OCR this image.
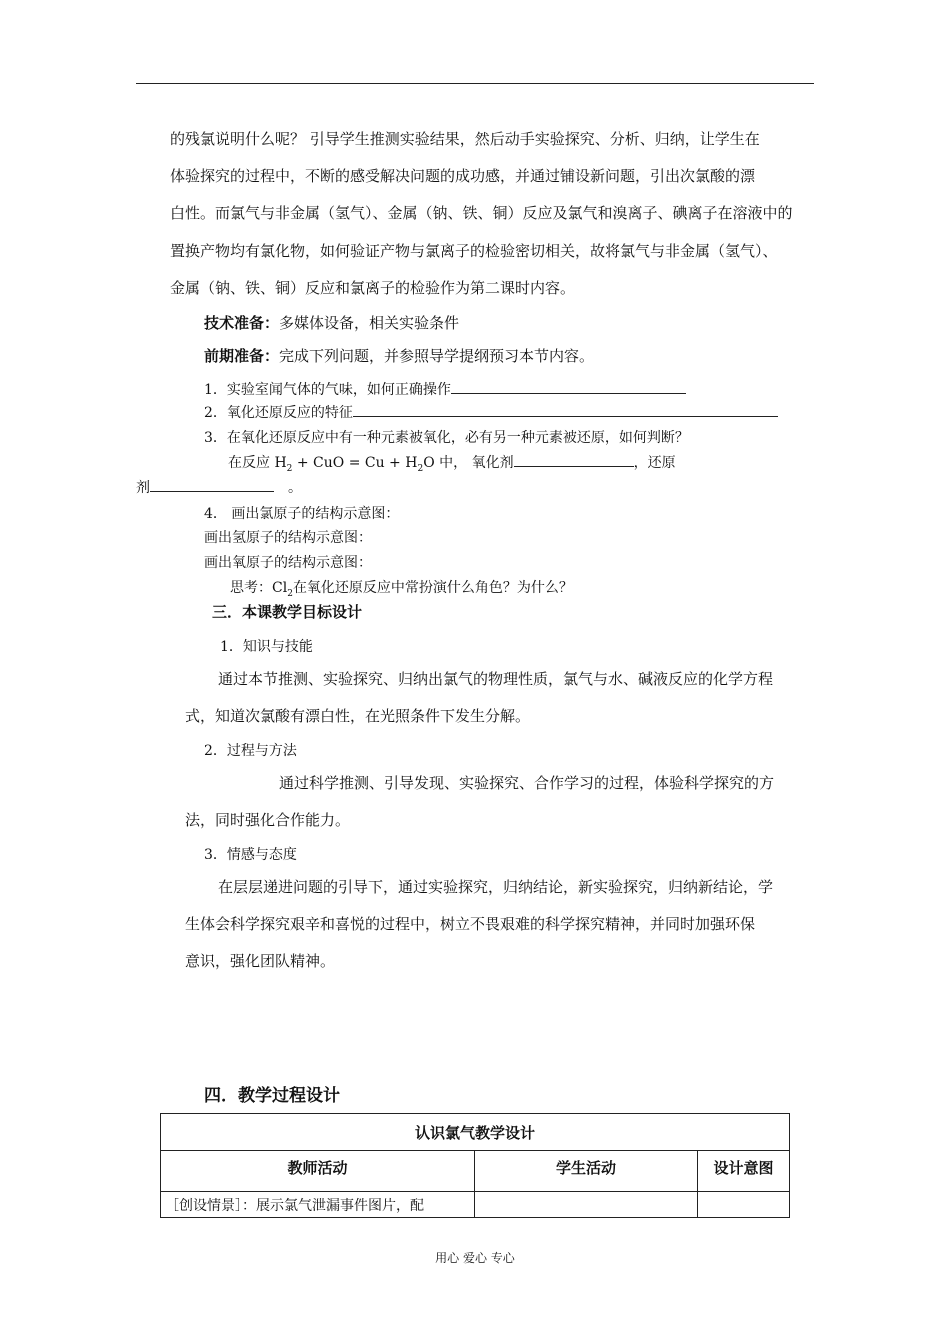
的残氯说明什么呢？ 引导学生推测实验结果，然后动手实验探究、分析、归纳，让学生在
体验探究的过程中，不断的感受解决问题的成功感，并通过铺设新问题，引出次氯酸的漂
白性。而氯气与非金属（氢气）、金属（钠、铁、铜）反应及氯气和溴离子、碘离子在溶液中的
置换产物均有氯化物，如何验证产物与氯离子的检验密切相关，故将氯气与非金属（氢气）、
金属（钠、铁、铜）反应和氯离子的检验作为第二课时内容。
技术准备：多媒体设备，相关实验条件
前期准备：完成下列问题，并参照导学提纲预习本节内容。
1．实验室闻气体的气味，如何正确操作
2．氧化还原反应的特征
3．在氧化还原反应中有一种元素被氧化，必有另一种元素被还原，如何判断？
在反应 $H_2$ + CuO = $Cu + H_2O$ 中， 氧化剂	，还原
剂	。
4． 画出氯原子的结构示意图：
画出氢原子的结构示意图：
画出氧原子的结构示意图：
思考：$Cl_2$在氧化还原反应中常扮演什么角色？为什么？
三．本课教学目标设计
1．知识与技能
通过本节推测、实验探究、归纳出氯气的物理性质，氯气与水、碱液反应的化学方程
式，知道次氯酸有漂白性，在光照条件下发生分解。
2．过程与方法
通过科学推测、引导发现、实验探究、合作学习的过程，体验科学探究的方
法，同时强化合作能力。
3．情感与态度
在层层递进问题的引导下，通过实验探究，归纳结论，新实验探究，归纳新结论，学
生体会科学探究艰辛和喜悦的过程中，树立不畏艰难的科学探究精神，并同时加强环保
意识，强化团队精神。
四．教学过程设计
认识氯气教学设计		
教师活动	学生活动	设计意图
［创设情景］：展示氯气泄漏事件图片，配		
用心 爱心 专心
